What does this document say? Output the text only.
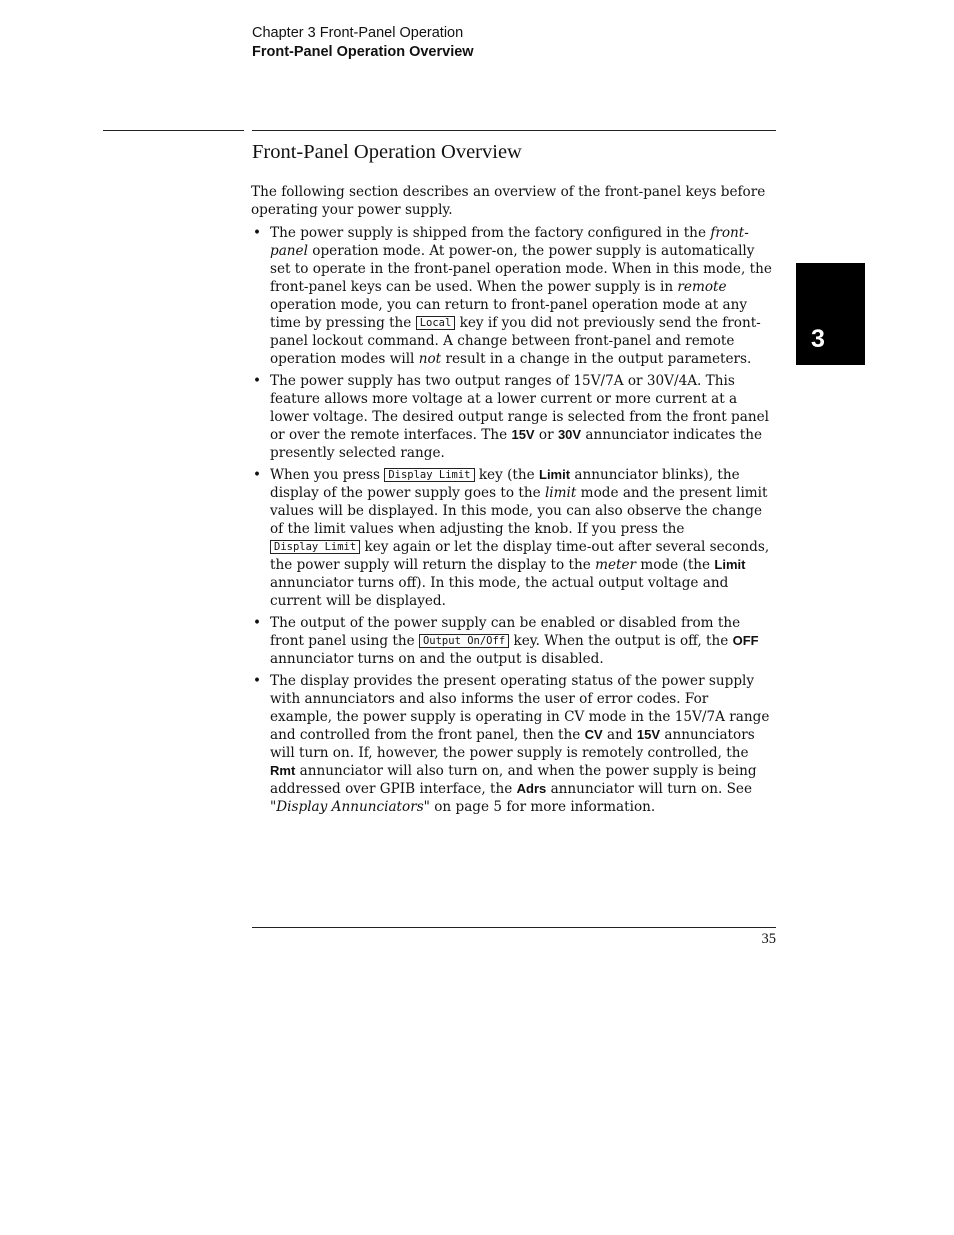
Chapter 3 Front-Panel Operation
Front-Panel Operation Overview
Front-Panel Operation Overview

The following section describes an overview of the front-panel keys before operating your power supply.

• The power supply is shipped from the factory configured in the front-panel operation mode. At power-on, the power supply is automatically set to operate in the front-panel operation mode. When in this mode, the front-panel keys can be used. When the power supply is in remote operation mode, you can return to front-panel operation mode at any time by pressing the Local key if you did not previously send the front-panel lockout command. A change between front-panel and remote operation modes will not result in a change in the output parameters.
• The power supply has two output ranges of 15V/7A or 30V/4A. This feature allows more voltage at a lower current or more current at a lower voltage. The desired output range is selected from the front panel or over the remote interfaces. The 15V or 30V annunciator indicates the presently selected range.
• When you press Display Limit key (the Limit annunciator blinks), the display of the power supply goes to the limit mode and the present limit values will be displayed. In this mode, you can also observe the change of the limit values when adjusting the knob. If you press the Display Limit key again or let the display time-out after several seconds, the power supply will return the display to the meter mode (the Limit annunciator turns off). In this mode, the actual output voltage and current will be displayed.
• The output of the power supply can be enabled or disabled from the front panel using the Output On/Off key. When the output is off, the OFF annunciator turns on and the output is disabled.
• The display provides the present operating status of the power supply with annunciators and also informs the user of error codes. For example, the power supply is operating in CV mode in the 15V/7A range and controlled from the front panel, then the CV and 15V annunciators will turn on. If, however, the power supply is remotely controlled, the Rmt annunciator will also turn on, and when the power supply is being addressed over GPIB interface, the Adrs annunciator will turn on. See "Display Annunciators" on page 5 for more information.
3
35
